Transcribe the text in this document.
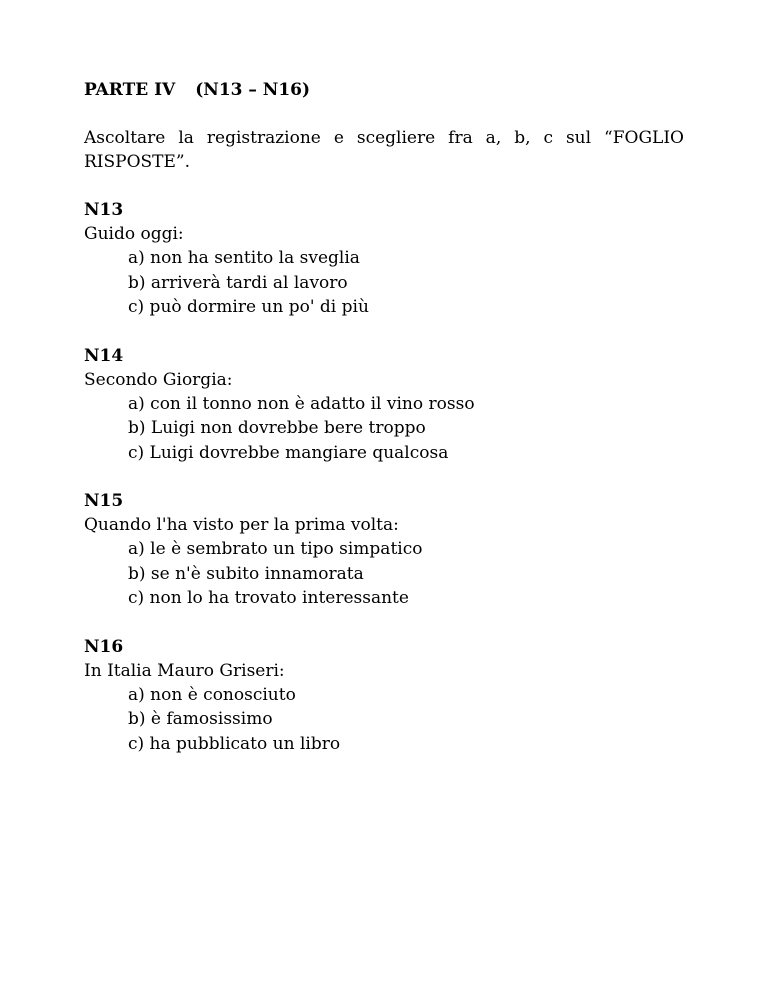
PARTE IV (N13 – N16)
Ascoltare la registrazione e scegliere fra a, b, c sul “FOGLIO RISPOSTE”.
N13
Guido oggi:
a) non ha sentito la sveglia
b) arriverà tardi al lavoro
c) può dormire un po' di più
N14
Secondo Giorgia:
a) con il tonno non è adatto il vino rosso
b) Luigi non dovrebbe bere troppo
c) Luigi dovrebbe mangiare qualcosa
N15
Quando l'ha visto per la prima volta:
a) le è sembrato un tipo simpatico
b) se n'è subito innamorata
c) non lo ha trovato interessante
N16
In Italia Mauro Griseri:
a) non è conosciuto
b) è famosissimo
c) ha pubblicato un libro
